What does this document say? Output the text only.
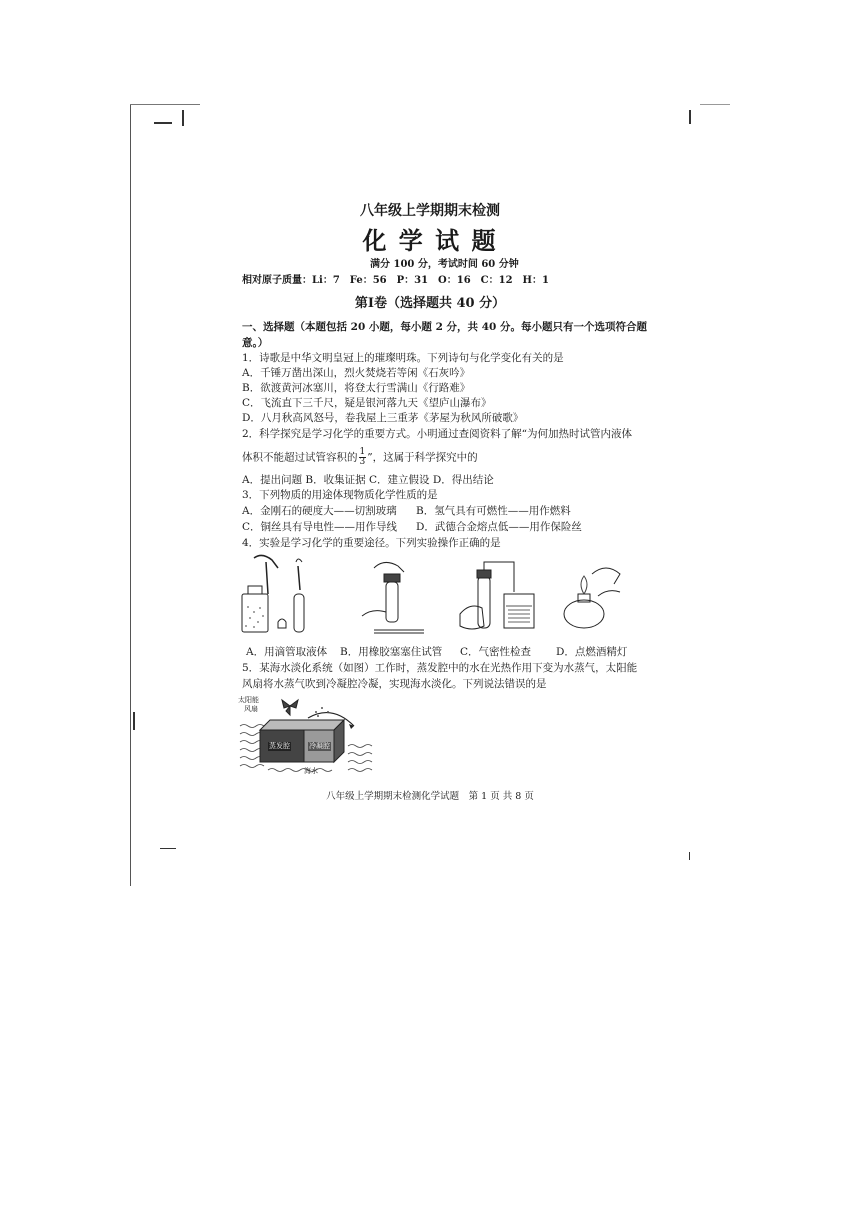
八年级上学期期末检测
化 学 试 题
满分 100 分，考试时间 60 分钟
相对原子质量：Li：7　Fe：56　P：31　O：16　C：12　H：1
第Ⅰ卷（选择题共 40 分）
一、选择题（本题包括 20 小题，每小题 2 分，共 40 分。每小题只有一个选项符合题
意。）
1．诗歌是中华文明皇冠上的璀璨明珠。下列诗句与化学变化有关的是
A．千锤万凿出深山，烈火焚烧若等闲《石灰吟》
B．欲渡黄河冰塞川，将登太行雪满山《行路难》
C．飞流直下三千尺，疑是银河落九天《望庐山瀑布》
D．八月秋高风怒号，卷我屋上三重茅《茅屋为秋风所破歌》
2．科学探究是学习化学的重要方式。小明通过查阅资料了解“为何加热时试管内液体
体积不能超过试管容积的 $\frac{1}{3}$ ”，这属于科学探究中的
A．提出问题 B．收集证据 C．建立假设 D．得出结论
3．下列物质的用途体现物质化学性质的是
A．金刚石的硬度大——切割玻璃 B．氢气具有可燃性——用作燃料
C．铜丝具有导电性——用作导线 D．武德合金熔点低——用作保险丝
4．实验是学习化学的重要途径。下列实验操作正确的是
A．用滴管取液体 B．用橡胶塞塞住试管 C．气密性检查 D．点燃酒精灯
5．某海水淡化系统（如图）工作时，蒸发腔中的水在光热作用下变为水蒸气，太阳能
风扇将水蒸气吹到冷凝腔冷凝，实现海水淡化。下列说法错误的是
太阳能
风扇
蒸发腔	冷凝腔
海水
八年级上学期期末检测化学试题　第 1 页 共 8 页
